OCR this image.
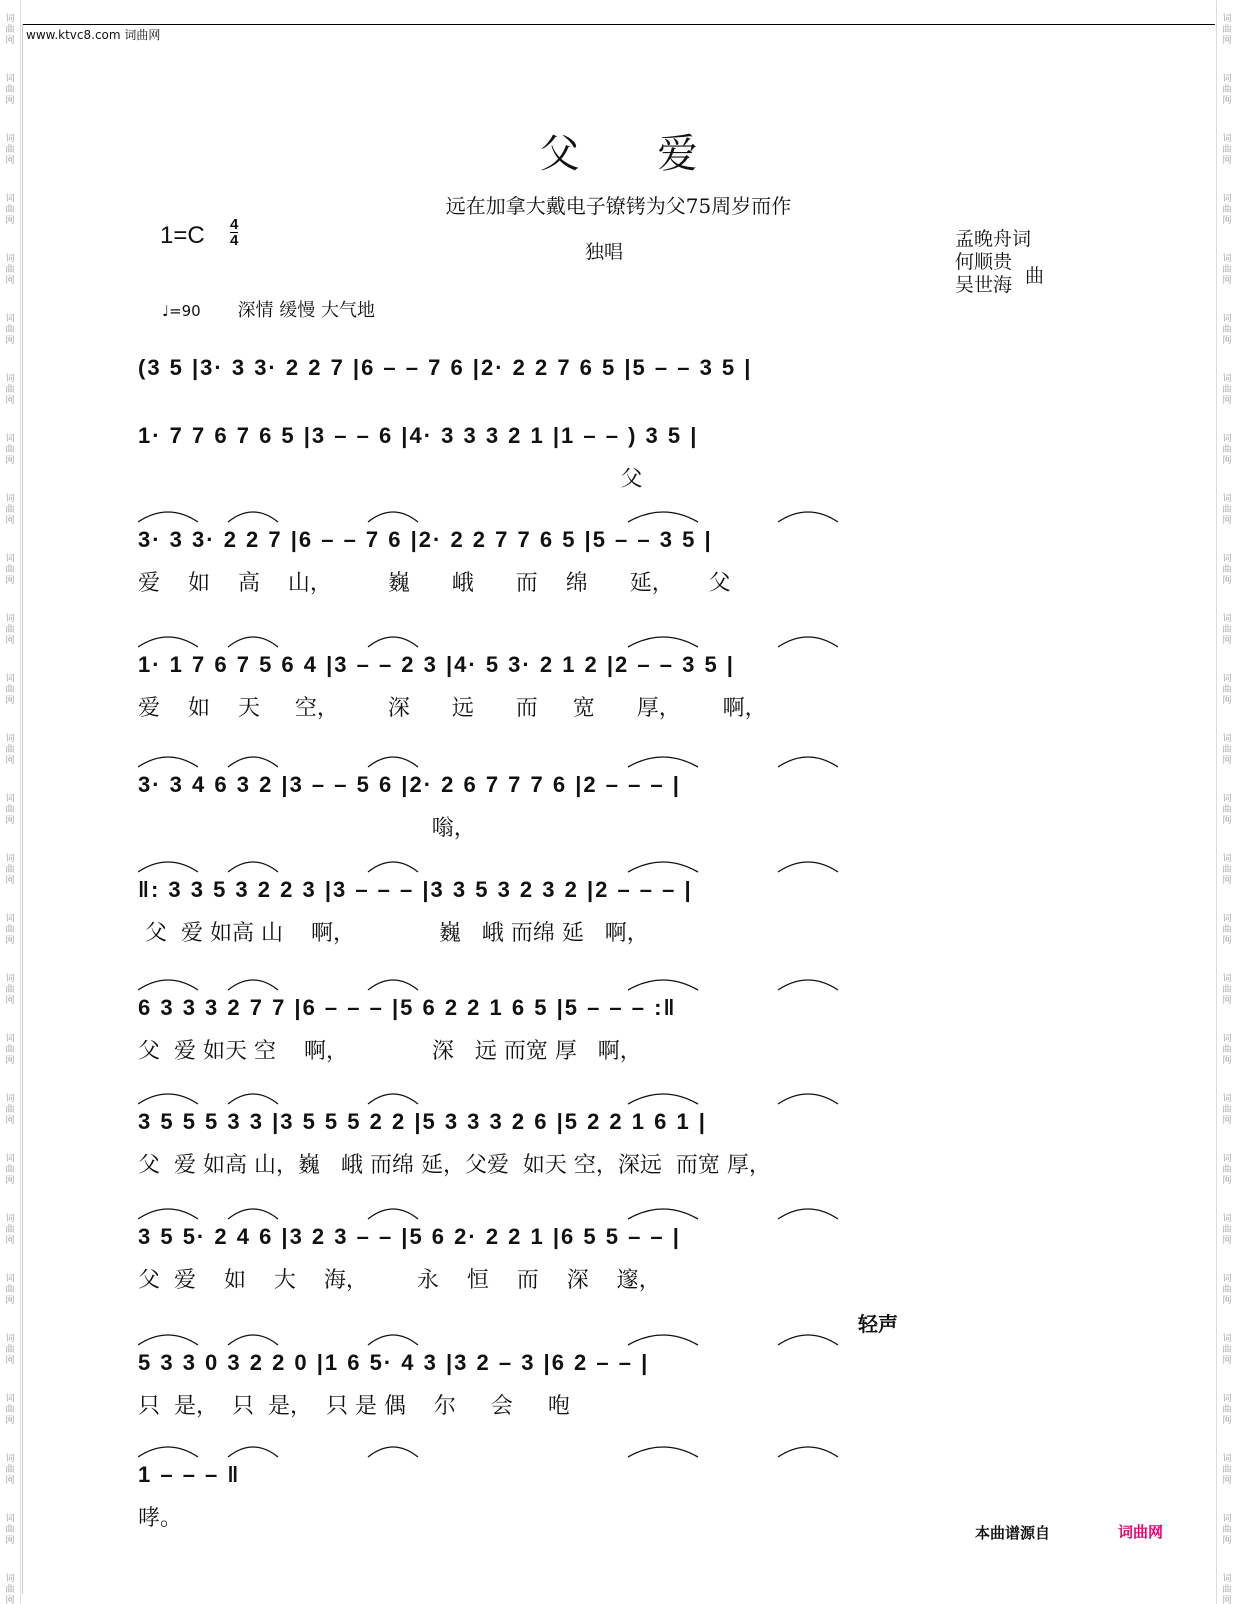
词
曲
网
词
曲
网
词
曲
网
词
曲
网
词
曲
网
词
曲
网
词
曲
网
词
曲
网
词
曲
网
词
曲
网
词
曲
网
词
曲
网
词
曲
网
词
曲
网
词
曲
网
词
曲
网
词
曲
网
词
曲
网
词
曲
网
词
曲
网
词
曲
网
词
曲
网
词
曲
网
词
曲
网
词
曲
网
词
曲
网
词
曲
网
词
曲
网
词
曲
网
词
曲
网
词
曲
网
词
曲
网
词
曲
网
词
曲
网
词
曲
网
词
曲
网
词
曲
网
词
曲
网
词
曲
网
词
曲
网
词
曲
网
词
曲
网
词
曲
网
词
曲
网
词
曲
网
词
曲
网
词
曲
网
词
曲
网
词
曲
网
词
曲
网
词
曲
网
词
曲
网
词
曲
网
词
曲
网
www.ktvc8.com 词曲网
父爱
远在加拿大戴电子镣铐为父75周岁而作
1=C 4
4
独唱
孟晚舟词
何顺贵
吴世海 曲
♩=90 深情 缓慢 大气地
(3 5 |3· 3 3· 2 2 7 |6 – – 7 6 |2· 2 2 7 6 5 |5 – – 3 5 |
1· 7 7 6 7 6 5 |3 – – 6 |4· 3 3 3 2 1 |1 – – ) 3 5 |
父
3· 3 3· 2 2 7 |6 – – 7 6 |2· 2 2 7 7 6 5 |5 – – 3 5 |
爱    如    高    山，        巍      峨      而    绵      延，     父
1· 1 7 6 7 5 6 4 |3 – – 2 3 |4· 5 3· 2 1 2 |2 – – 3 5 |
爱    如    天     空，       深      远      而     宽      厚，      啊，
3· 3 4 6 3 2 |3 – – 5 6 |2· 2 6 7 7 7 6 |2 – – – |
嗡，
‖: 3 3 5 3 2 2 3 |3 – – – |3 3 5 3 2 3 2 |2 – – – |
父  爱 如高 山    啊，            巍   峨 而绵 延   啊，
6 3 3 3 2 7 7 |6 – – – |5 6 2 2 1 6 5 |5 – – – :‖
父  爱 如天 空    啊，            深   远 而宽 厚   啊，
3 5 5 5 3 3 |3 5 5 5 2 2 |5 3 3 3 2 6 |5 2 2 1 6 1 |
父  爱 如高 山，巍   峨 而绵 延，父爱  如天 空，深远  而宽 厚，
3 5 5· 2 4 6 |3 2 3 – – |5 6 2· 2 2 1 |6 5 5 – – |
父  爱    如    大    海，       永    恒    而    深    邃，
5 3 3 0 3 2 2 0 |1 6 5· 4 3 |3 2 – 3 |6 2 – – |
只  是，  只  是，  只 是 偶    尔     会     咆
1 – – – ‖
哮。
轻声
本曲谱源自	词曲网
